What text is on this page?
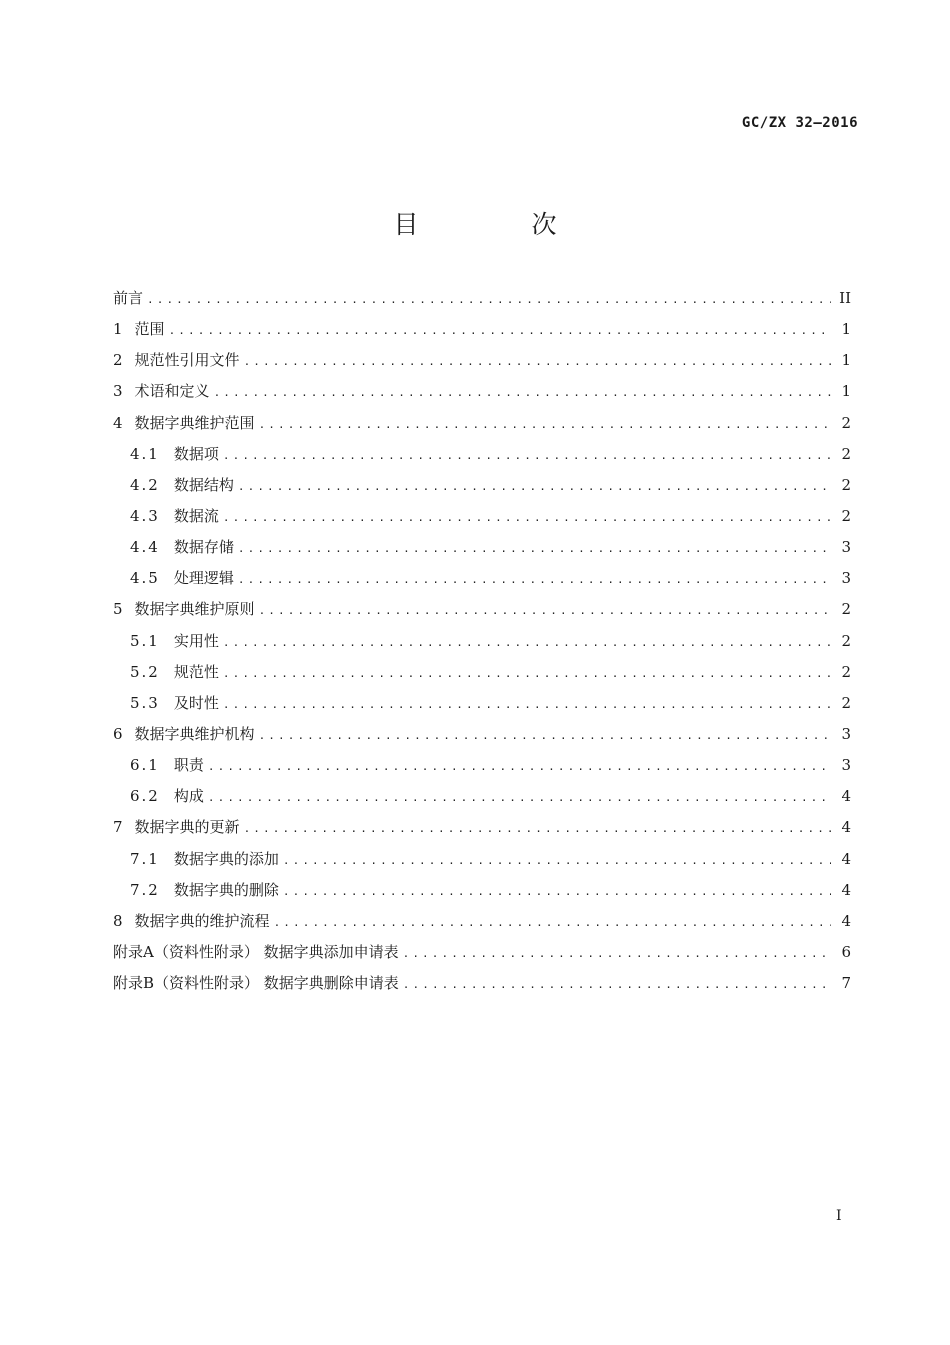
GC/ZX 32—2016
目　次
前言 .....	II
1 范围 .....	1
2 规范性引用文件 .....	1
3 术语和定义 .....	1
4 数据字典维护范围 .....	2
4.1 数据项 .....	2
4.2 数据结构 .....	2
4.3 数据流 .....	2
4.4 数据存储 .....	3
4.5 处理逻辑 .....	3
5 数据字典维护原则 .....	2
5.1 实用性 .....	2
5.2 规范性 .....	2
5.3 及时性 .....	2
6 数据字典维护机构 .....	3
6.1 职责 .....	3
6.2 构成 .....	4
7 数据字典的更新 .....	4
7.1 数据字典的添加 .....	4
7.2 数据字典的删除 .....	4
8 数据字典的维护流程 .....	4
附录A（资料性附录） 数据字典添加申请表 .....	6
附录B（资料性附录） 数据字典删除申请表 .....	7
I
